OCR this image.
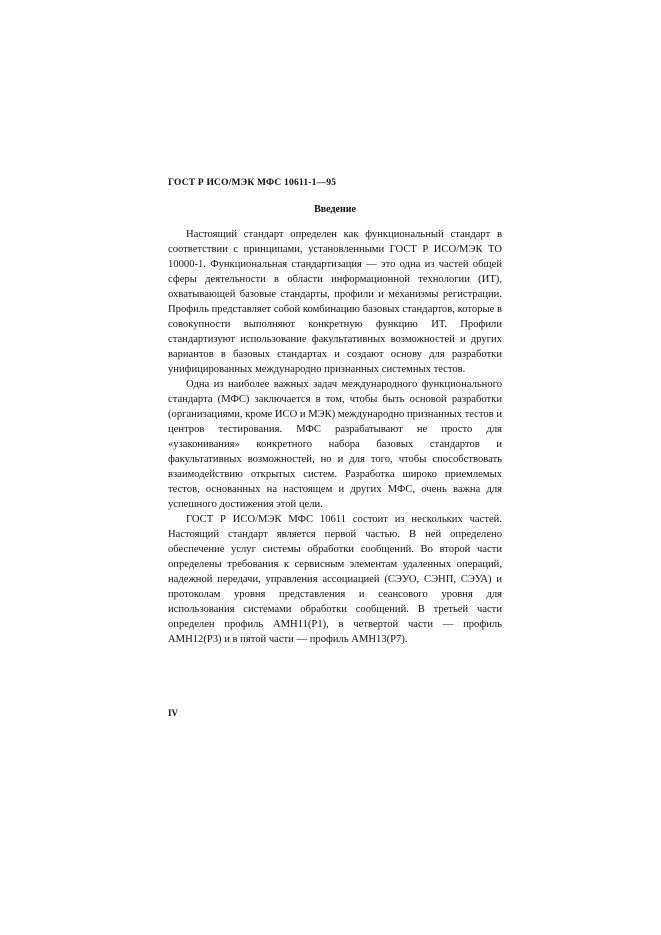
ГОСТ Р ИСО/МЭК МФС 10611-1—95
Введение

Настоящий стандарт определен как функциональный стандарт в соответствии с принципами, установленными ГОСТ Р ИСО/МЭК ТО 10000-1. Функциональная стандартизация — это одна из частей общей сферы деятельности в области информационной технологии (ИТ), охватывающей базовые стандарты, профили и механизмы регистрации. Профиль представляет собой комбинацию базовых стандартов, которые в совокупности выполняют конкретную функцию ИТ. Профили стандартизуют использование факультативных возможностей и других вариантов в базовых стандартах и создают основу для разработки унифицированных международно признанных системных тестов.

Одна из наиболее важных задач международного функционального стандарта (МФС) заключается в том, чтобы быть основой разработки (организациями, кроме ИСО и МЭК) международно признанных тестов и центров тестирования. МФС разрабатывают не просто для «узаконивания» конкретного набора базовых стандартов и факультативных возможностей, но и для того, чтобы способствовать взаимодействию открытых систем. Разработка широко приемлемых тестов, основанных на настоящем и других МФС, очень важна для успешного достижения этой цели.

ГОСТ Р ИСО/МЭК МФС 10611 состоит из нескольких частей. Настоящий стандарт является первой частью. В ней определено обеспечение услуг системы обработки сообщений. Во второй части определены требования к сервисным элементам удаленных операций, надежной передачи, управления ассоциацией (СЭУО, СЭНП, СЭУА) и протоколам уровня представления и сеансового уровня для использования системами обработки сообщений. В третьей части определен профиль АМН11(Р1), в четвертой части — профиль АМН12(Р3) и в пятой части — профиль АМН13(Р7).

IV
